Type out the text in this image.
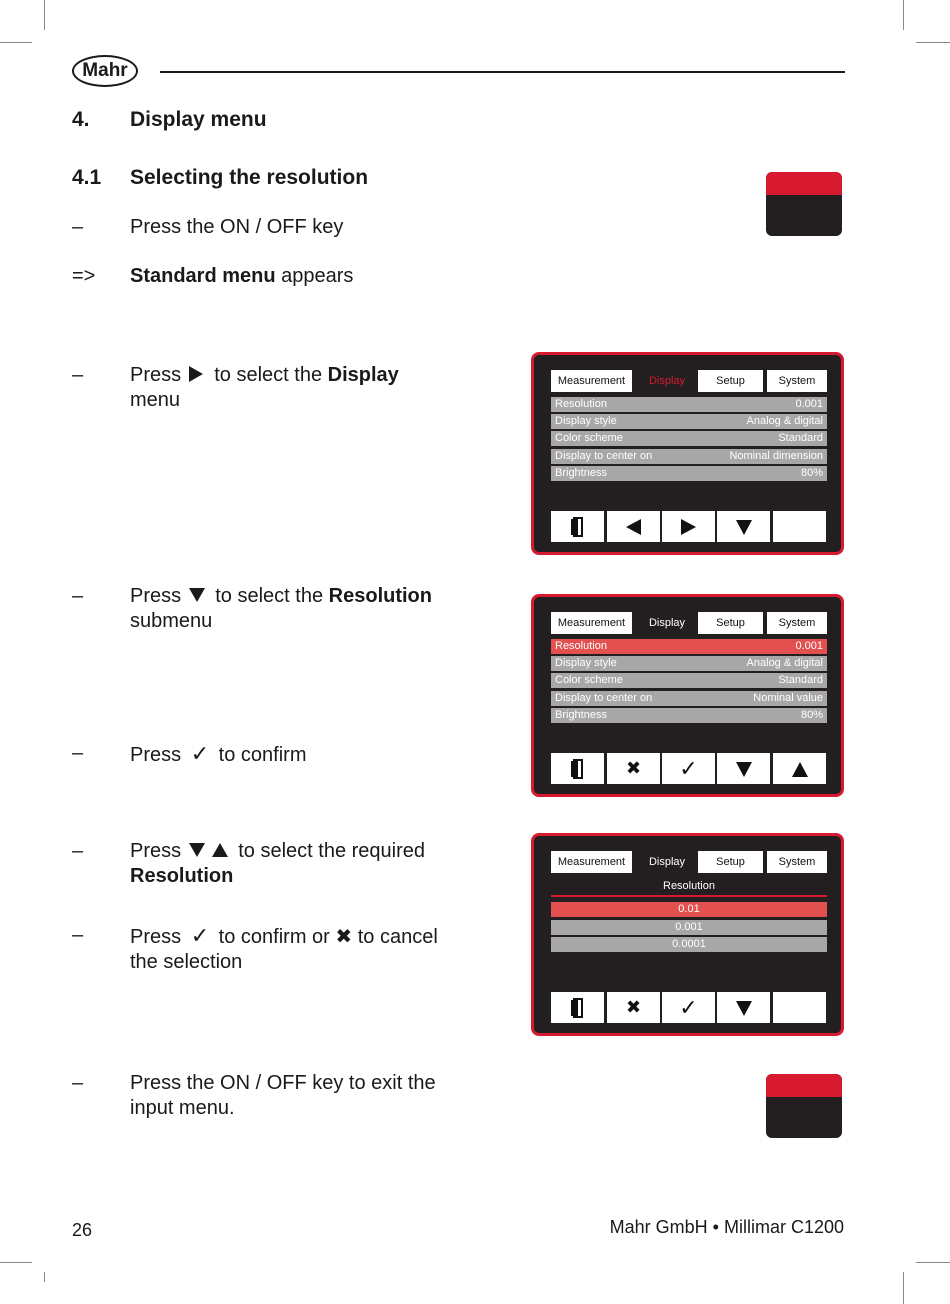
Mahr
4. Display menu
4.1 Selecting the resolution
– Press the ON / OFF key
=> Standard menu appears
– Press  to select the Display
menu
Measurement	Display	Setup	System
Resolution	0.001
Display style	Analog & digital
Color scheme	Standard
Display to center on	Nominal dimension
Brightness	80%
– Press  to select the Resolution
submenu
– Press ✓ to confirm
Measurement	Display	Setup	System
Resolution	0.001
Display style	Analog & digital
Color scheme	Standard
Display to center on	Nominal value
Brightness	80%
✖	✓
– Press  to select the required
Resolution
– Press ✓ to confirm or ✖ to cancel
the selection
Measurement	Display	Setup	System
Resolution
0.01
0.001
0.0001
✖	✓
– Press the ON / OFF key to exit the
input menu.
26	Mahr GmbH • Millimar C1200
